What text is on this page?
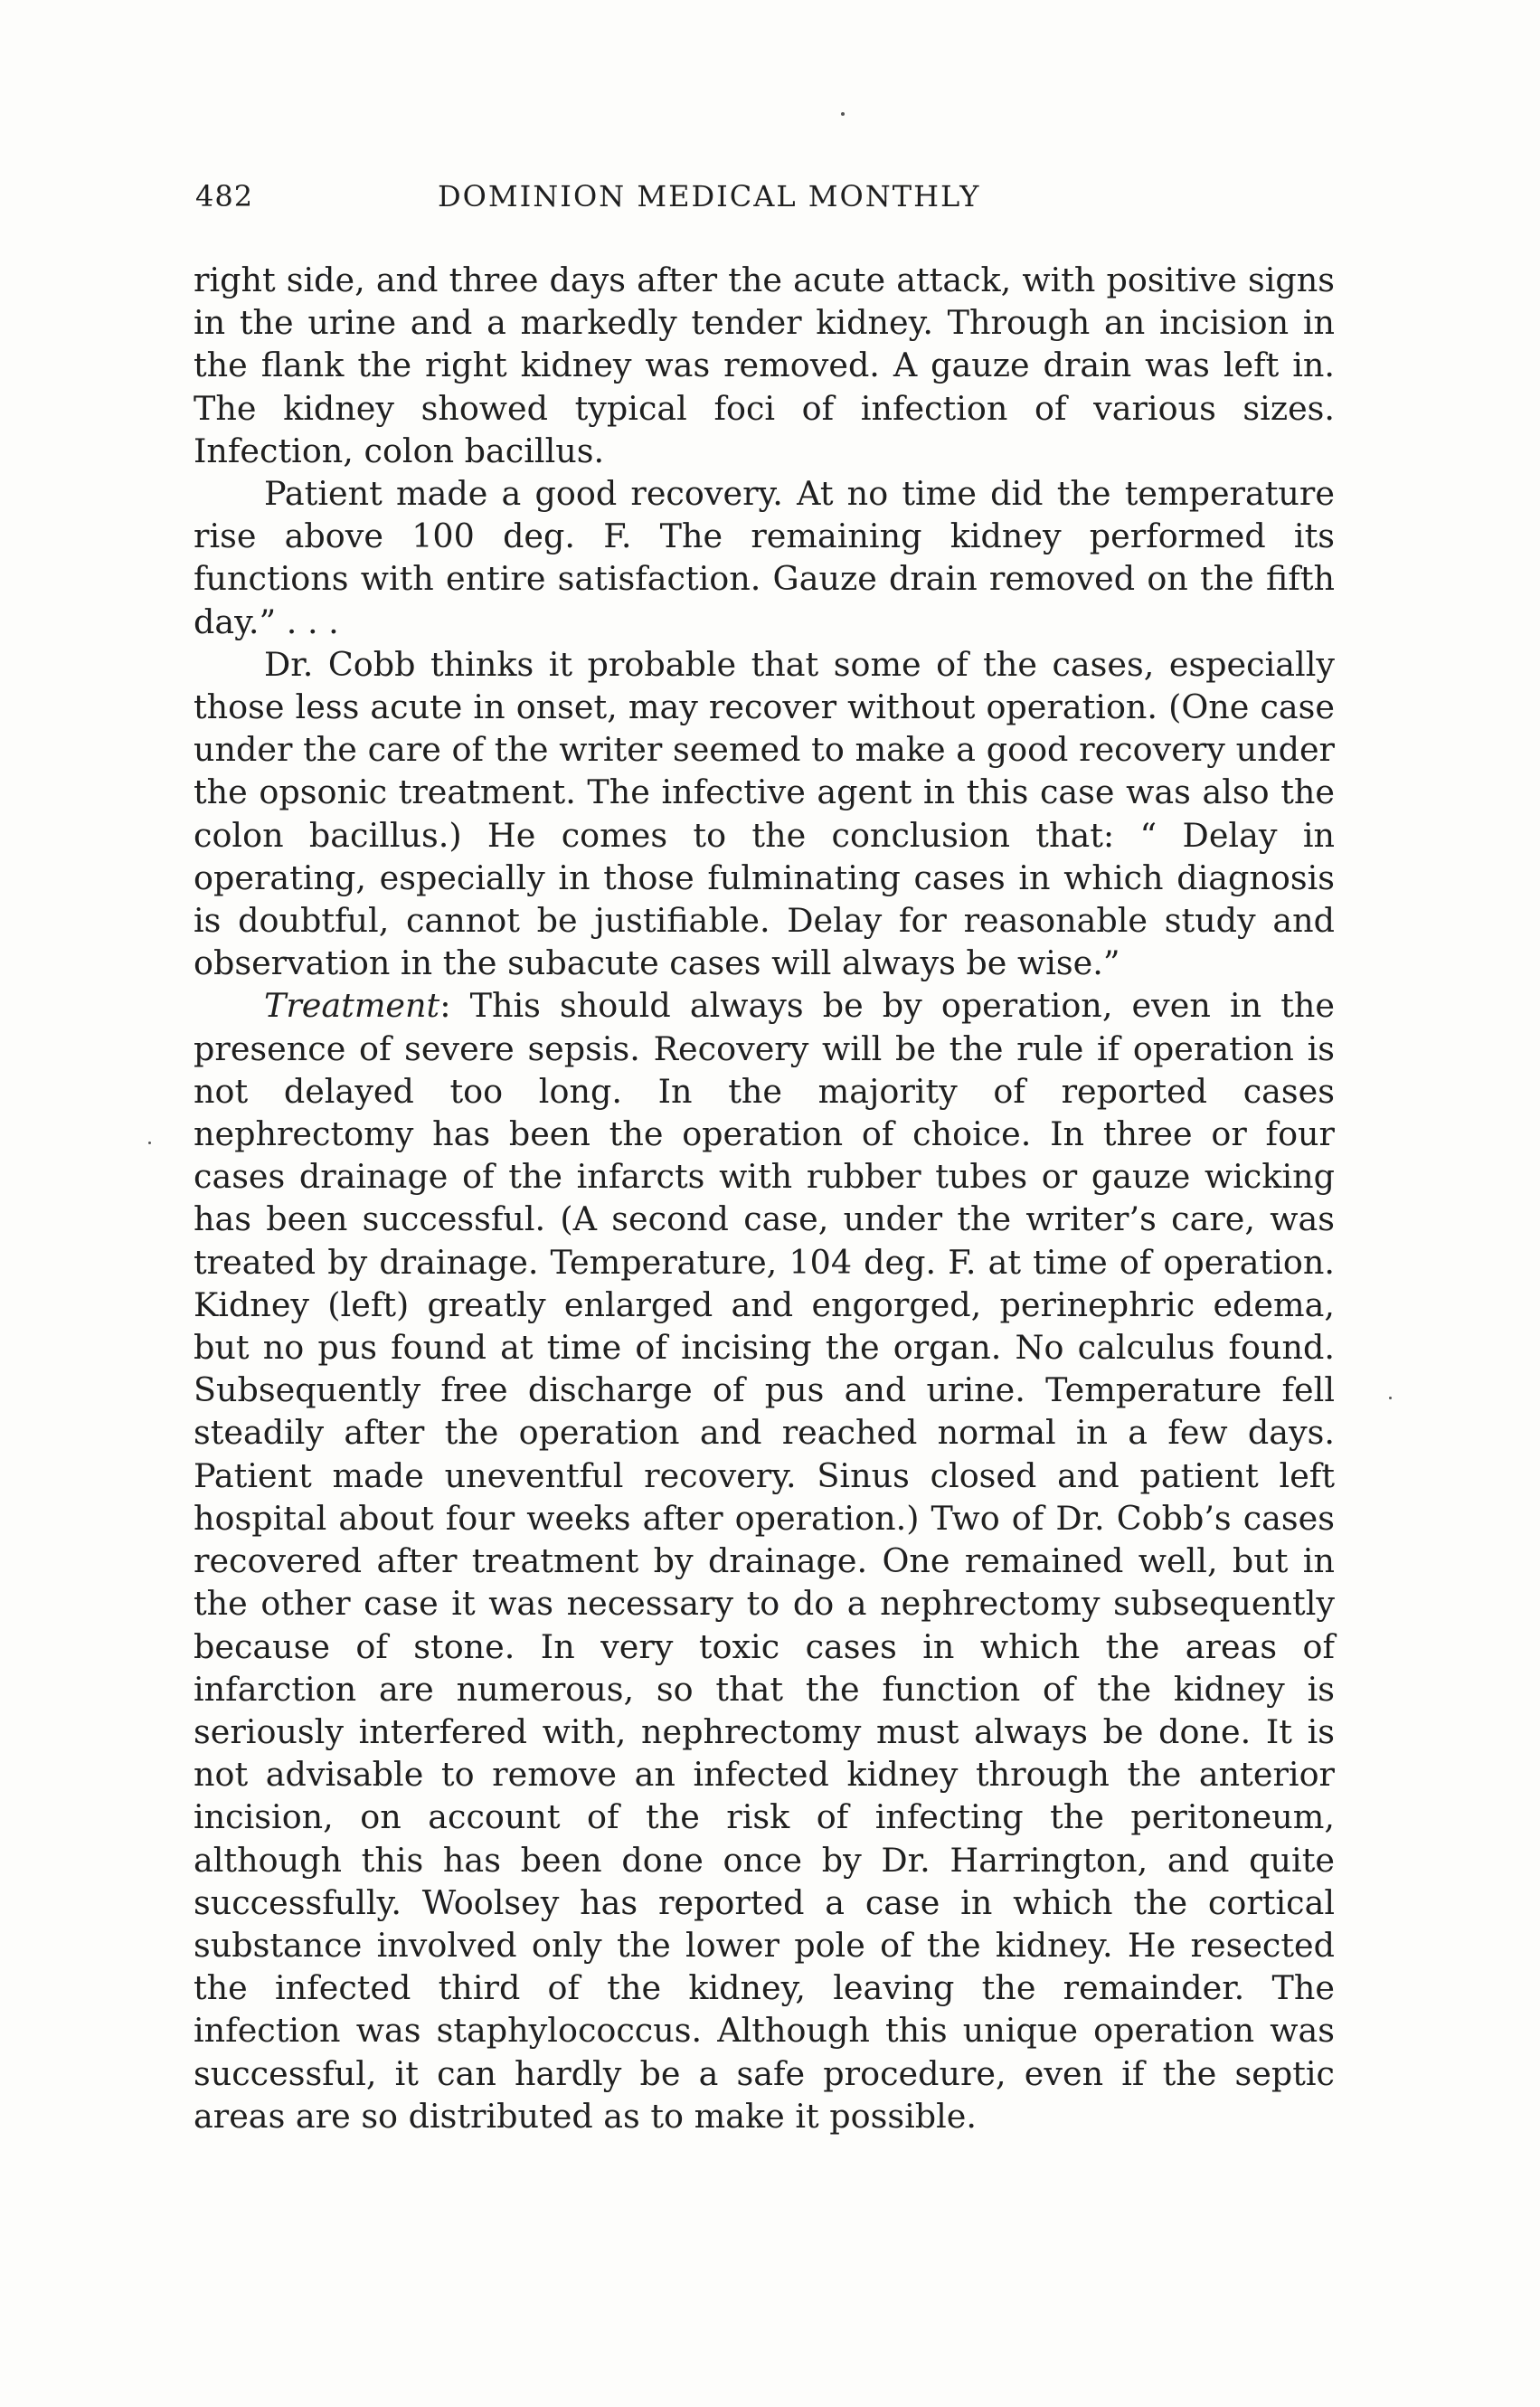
482	DOMINION MEDICAL MONTHLY

right side, and three days after the acute attack, with positive signs in the urine and a markedly tender kidney. Through an incision in the flank the right kidney was removed. A gauze drain was left in. The kidney showed typical foci of infection of various sizes. Infection, colon bacillus.

Patient made a good recovery. At no time did the temperature rise above 100 deg. F. The remaining kidney performed its functions with entire satisfaction. Gauze drain removed on the fifth day.” . . .

Dr. Cobb thinks it probable that some of the cases, especially those less acute in onset, may recover without operation. (One case under the care of the writer seemed to make a good recovery under the opsonic treatment. The infective agent in this case was also the colon bacillus.) He comes to the conclusion that: “ Delay in operating, especially in those fulminating cases in which diagnosis is doubtful, cannot be justifiable. Delay for reasonable study and observation in the subacute cases will always be wise.”

Treatment: This should always be by operation, even in the presence of severe sepsis. Recovery will be the rule if operation is not delayed too long. In the majority of reported cases nephrectomy has been the operation of choice. In three or four cases drainage of the infarcts with rubber tubes or gauze wicking has been successful. (A second case, under the writer’s care, was treated by drainage. Temperature, 104 deg. F. at time of operation. Kidney (left) greatly enlarged and engorged, perinephric edema, but no pus found at time of incising the organ. No calculus found. Subsequently free discharge of pus and urine. Temperature fell steadily after the operation and reached normal in a few days. Patient made uneventful recovery. Sinus closed and patient left hospital about four weeks after operation.) Two of Dr. Cobb’s cases recovered after treatment by drainage. One remained well, but in the other case it was necessary to do a nephrectomy subsequently because of stone. In very toxic cases in which the areas of infarction are numerous, so that the function of the kidney is seriously interfered with, nephrectomy must always be done. It is not advisable to remove an infected kidney through the anterior incision, on account of the risk of infecting the peritoneum, although this has been done once by Dr. Harrington, and quite successfully. Woolsey has reported a case in which the cortical substance involved only the lower pole of the kidney. He resected the infected third of the kidney, leaving the remainder. The infection was staphylococcus. Although this unique operation was successful, it can hardly be a safe procedure, even if the septic areas are so distributed as to make it possible.
